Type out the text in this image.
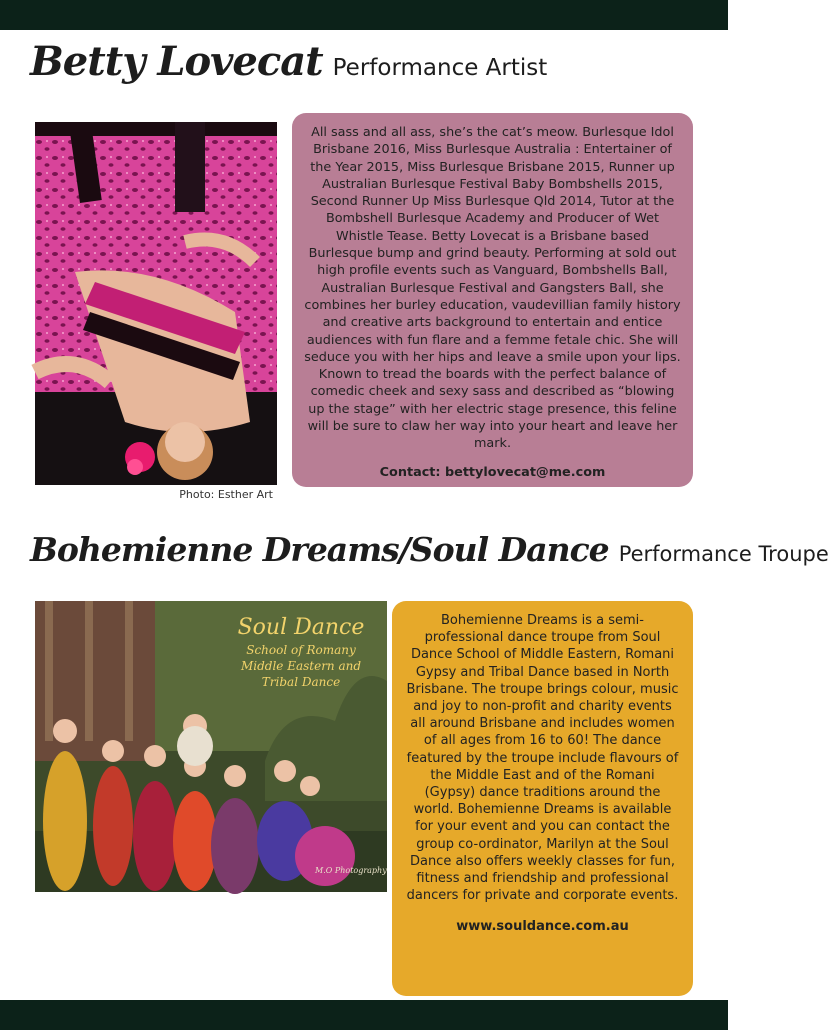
Betty Lovecat Performance Artist
Photo: Esther Art

All sass and all ass, she’s the cat’s meow. Burlesque Idol Brisbane 2016, Miss Burlesque Australia : Entertainer of the Year 2015, Miss Burlesque Brisbane 2015, Runner up Australian Burlesque Festival Baby Bombshells 2015, Second Runner Up Miss Burlesque Qld 2014, Tutor at the Bombshell Burlesque Academy and Producer of Wet Whistle Tease. Betty Lovecat is a Brisbane based Burlesque bump and grind beauty. Performing at sold out high profile events such as Vanguard, Bombshells Ball, Australian Burlesque Festival and Gangsters Ball, she combines her burley education, vaudevillian family history and creative arts background to entertain and entice audiences with fun flare and a femme fetale chic. She will seduce you with her hips and leave a smile upon your lips. Known to tread the boards with the perfect balance of comedic cheek and sexy sass and described as “blowing up the stage” with her electric stage presence, this feline will be sure to claw her way into your heart and leave her mark.

Contact: bettylovecat@me.com

Bohemienne Dreams/Soul Dance Performance Troupe
Soul Dance
School of Romany Middle Eastern and Tribal Dance
M.O Photography

Bohemienne Dreams is a semi-professional dance troupe from Soul Dance School of Middle Eastern, Romani Gypsy and Tribal Dance based in North Brisbane. The troupe brings colour, music and joy to non-profit and charity events all around Brisbane and includes women of all ages from 16 to 60! The dance featured by the troupe include flavours of the Middle East and of the Romani (Gypsy) dance traditions around the world. Bohemienne Dreams is available for your event and you can contact the group co-ordinator, Marilyn at the Soul Dance also offers weekly classes for fun, fitness and friendship and professional dancers for private and corporate events.

www.souldance.com.au
